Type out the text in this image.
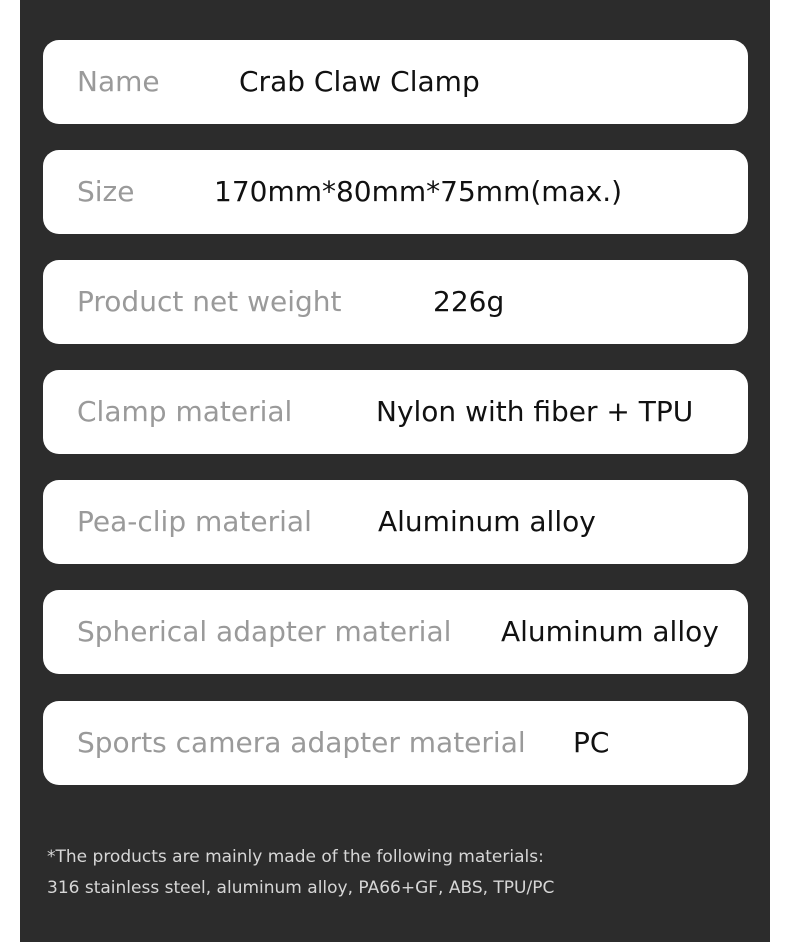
Name	Crab Claw Clamp
Size	170mm*80mm*75mm(max.)
Product net weight	226g
Clamp material	Nylon with fiber + TPU
Pea-clip material Aluminum alloy
Spherical adapter material Aluminum alloy
Sports camera adapter material PC
*The products are mainly made of the following materials:
316 stainless steel, aluminum alloy, PA66+GF, ABS, TPU/PC
